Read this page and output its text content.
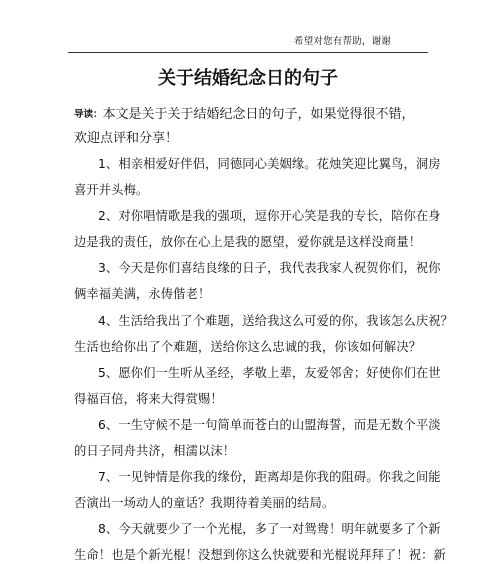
希望对您有帮助，谢谢
关于结婚纪念日的句子
导读：本文是关于关于结婚纪念日的句子，如果觉得很不错，
欢迎点评和分享！
1、相亲相爱好伴侣，同德同心美姻缘。花烛笑迎比翼鸟，洞房
喜开并头梅。
2、对你唱情歌是我的强项，逗你开心笑是我的专长，陪你在身
边是我的责任，放你在心上是我的愿望，爱你就是这样没商量！
3、今天是你们喜结良缘的日子，我代表我家人祝贺你们，祝你
俩幸福美满，永俦偕老！
4、生活给我出了个难题，送给我这么可爱的你，我该怎么庆祝？
生活也给你出了个难题，送给你这么忠诚的我，你该如何解决？
5、愿你们一生听从圣经，孝敬上辈，友爱邻舍；好使你们在世
得福百倍，将来大得赏赐！
6、一生守候不是一句简单而苍白的山盟海誓，而是无数个平淡
的日子同舟共济，相濡以沫！
7、一见钟情是你我的缘份，距离却是你我的阻碍。你我之间能
否演出一场动人的童话？我期待着美丽的结局。
8、今天就要少了一个光棍，多了一对鸳鸯！明年就要多了个新
生命！也是个新光棍！没想到你这么快就要和光棍说拜拜了！祝：新
